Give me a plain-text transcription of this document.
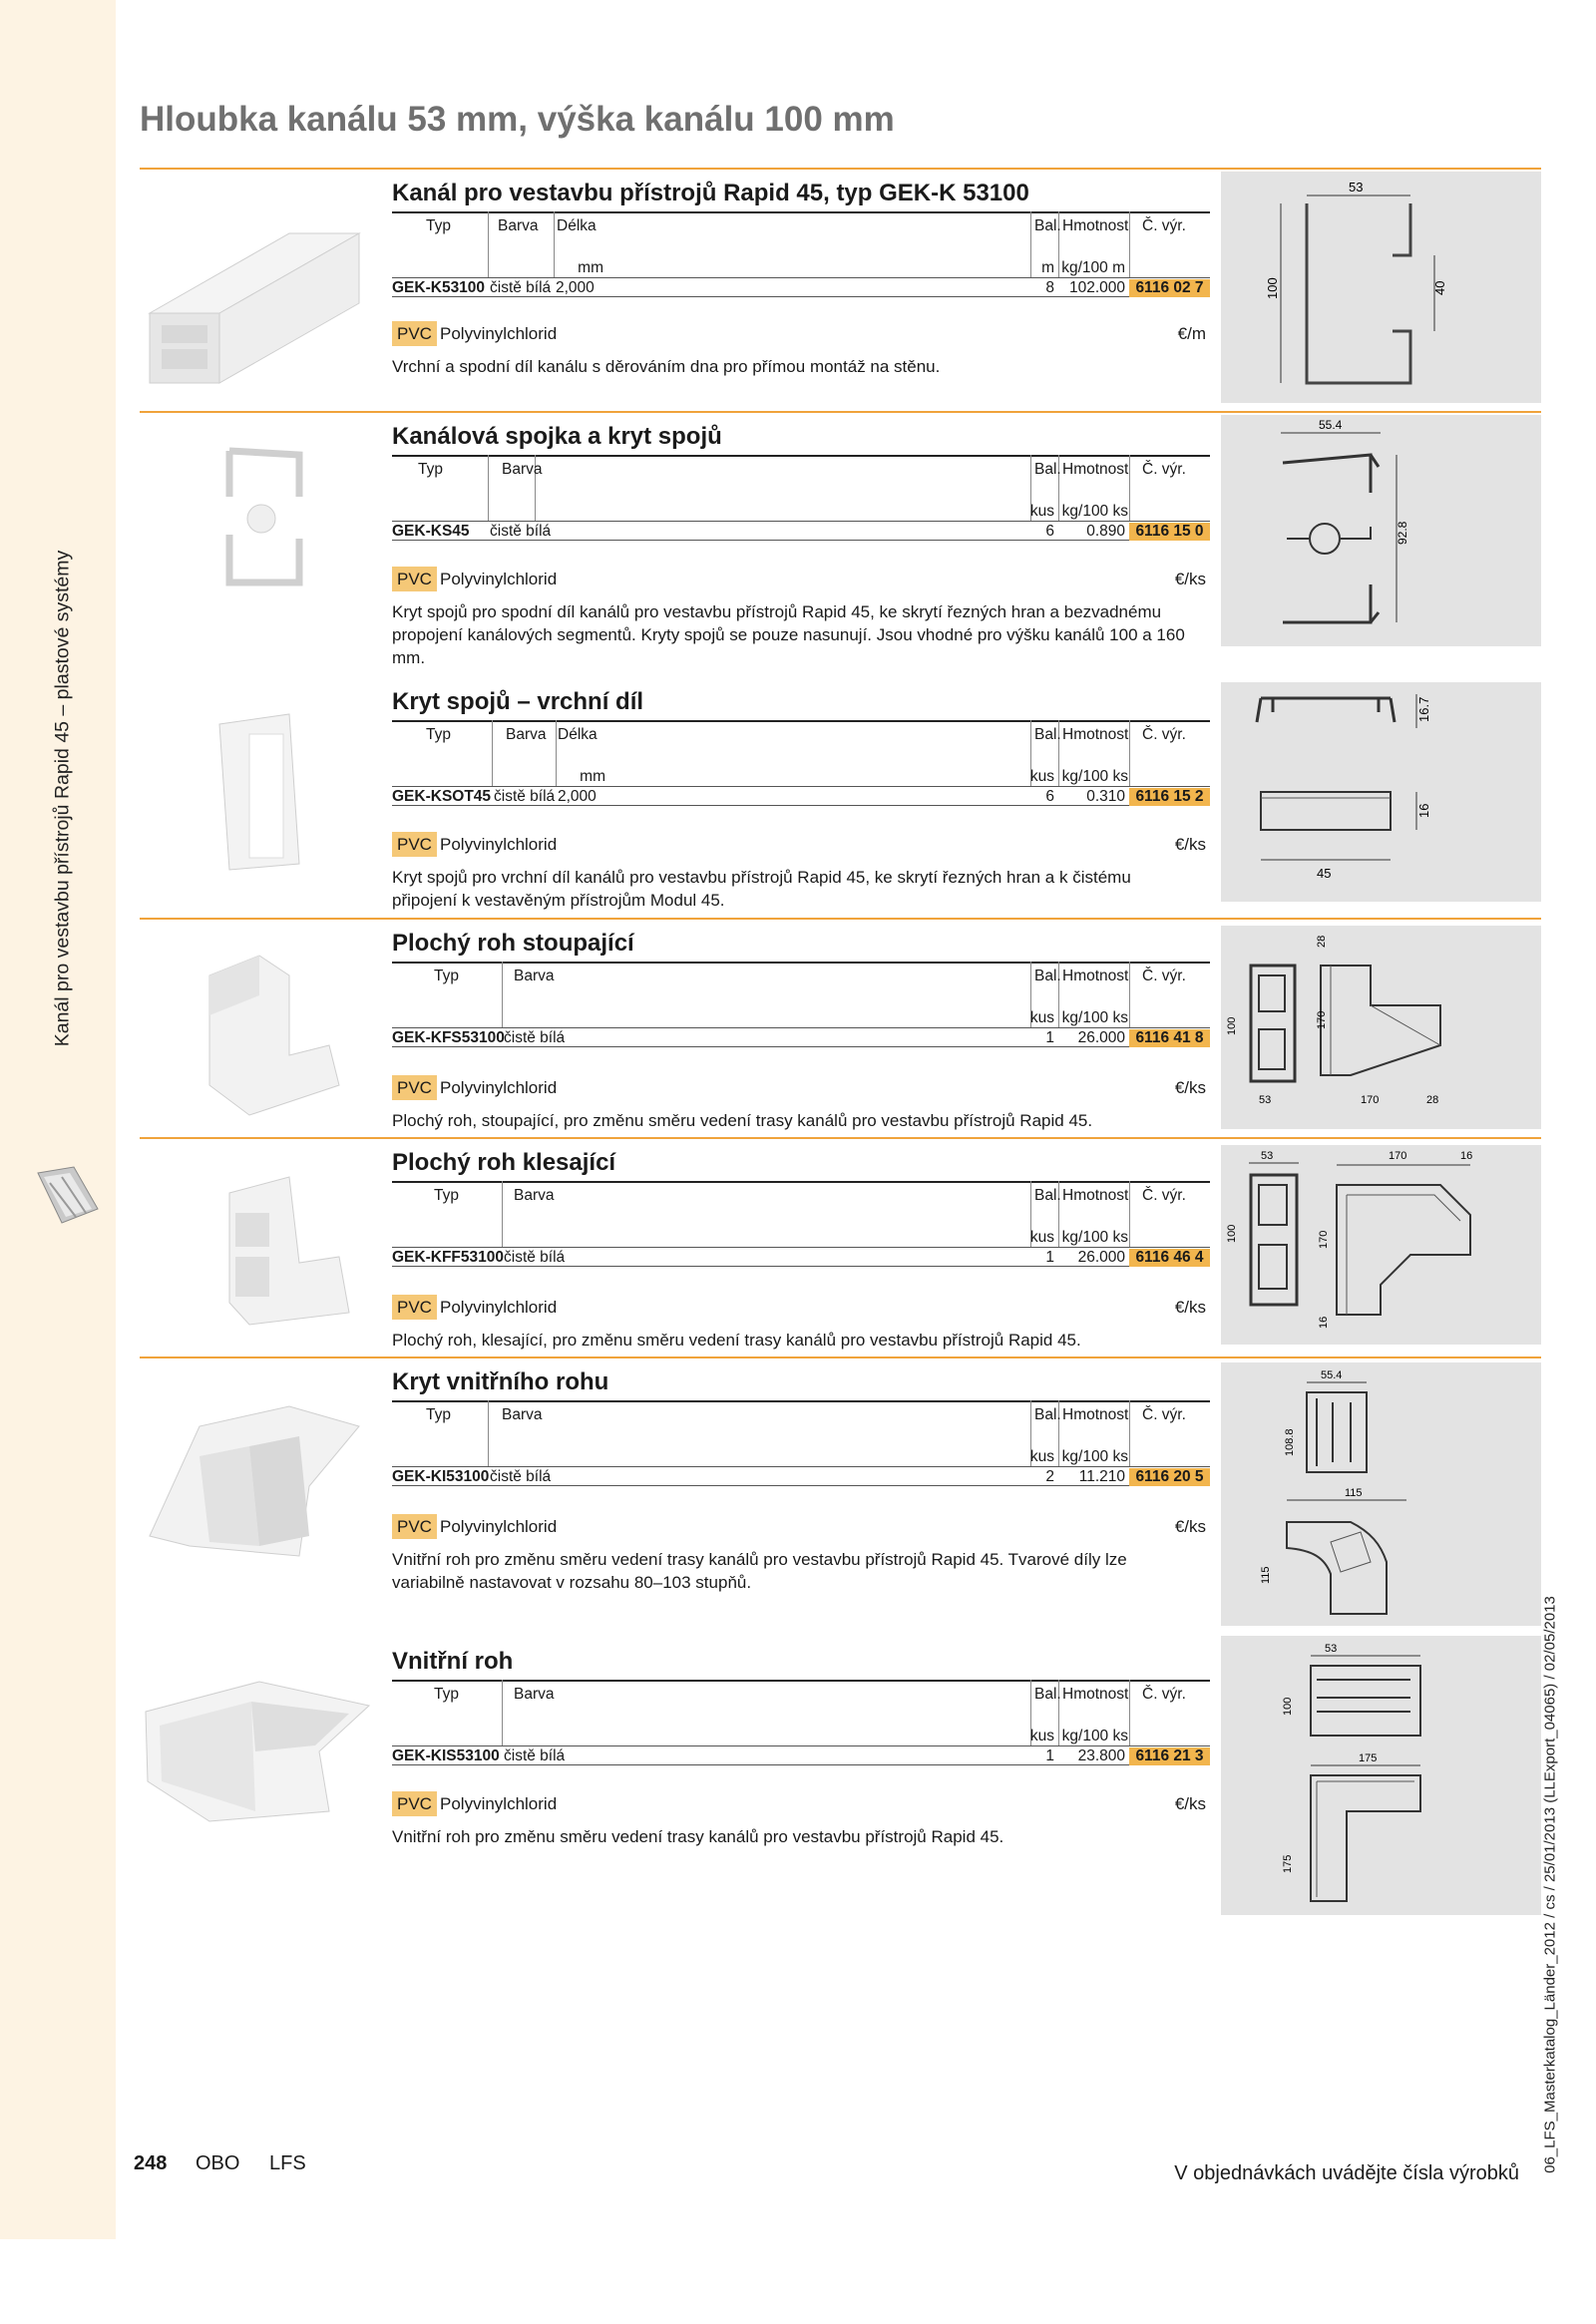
Kanál pro vestavbu přístrojů Rapid 45 – plastové systémy
Hloubka kanálu 53 mm, výška kanálu 100 mm
Kanál pro vestavbu přístrojů Rapid 45, typ GEK-K 53100
Typ	Barva Délka	Bal. Hmotnost Č. výr.
mm	m kg/100 m
GEK-K53100 čistě bílá 2,000	8 102.000 6116 02 7
PVC Polyvinylchlorid	€/m

Vrchní a spodní díl kanálu s děrováním dna pro přímou montáž na stěnu.

53
100	40
Kanálová spojka a kryt spojů
Typ	Barva	Bal. Hmotnost Č. výr.
kus kg/100 ks
GEK-KS45 čistě bílá	6	0.890 6116 15 0
PVC Polyvinylchlorid	€/ks

Kryt spojů pro spodní díl kanálů pro vestavbu přístrojů Rapid 45, ke skrytí řezných hran a bezvadnému propojení kanálových segmentů. Kryty spojů se pouze nasunují. Jsou vhodné pro výšku kanálů 100 a 160 mm.

55.4
92.8
Kryt spojů – vrchní díl
Typ	Barva Délka	Bal. Hmotnost Č. výr.
mm	kus kg/100 ks
GEK-KSOT45 čistě bílá 2,000	6	0.310 6116 15 2
PVC Polyvinylchlorid	€/ks

Kryt spojů pro vrchní díl kanálů pro vestavbu přístrojů Rapid 45, ke skrytí řezných hran a k čistému připojení k vestavěným přístrojům Modul 45.

16.7
16
45
Plochý roh stoupající
Typ	Barva	Bal. Hmotnost Č. výr.
kus kg/100 ks
GEK-KFS53100 čistě bílá	1	26.000 6116 41 8
PVC Polyvinylchlorid	€/ks

Plochý roh, stoupající, pro změnu směru vedení trasy kanálů pro vestavbu přístrojů Rapid 45.

100
53
28
170
170	28
Plochý roh klesající
Typ	Barva	Bal. Hmotnost Č. výr.
kus kg/100 ks
GEK-KFF53100 čistě bílá	1	26.000 6116 46 4
PVC Polyvinylchlorid	€/ks

Plochý roh, klesající, pro změnu směru vedení trasy kanálů pro vestavbu přístrojů Rapid 45.

53
100
170	16
170
16
Kryt vnitřního rohu
Typ	Barva	Bal. Hmotnost Č. výr.
kus kg/100 ks
GEK-KI53100 čistě bílá	2	11.210 6116 20 5
PVC Polyvinylchlorid	€/ks

Vnitřní roh pro změnu směru vedení trasy kanálů pro vestavbu přístrojů Rapid 45. Tvarové díly lze variabilně nastavovat v rozsahu 80–103 stupňů.

55.4
108.8
115
115
Vnitřní roh
Typ	Barva	Bal. Hmotnost Č. výr.
kus kg/100 ks
GEK-KIS53100 čistě bílá	1	23.800 6116 21 3
PVC Polyvinylchlorid	€/ks

Vnitřní roh pro změnu směru vedení trasy kanálů pro vestavbu přístrojů Rapid 45.

53
100
175
175
248 OBO LFS	V objednávkách uvádějte čísla výrobků
06_LFS_Masterkatalog_Länder_2012 / cs / 25/01/2013 (LLExport_04065) / 02/05/2013
